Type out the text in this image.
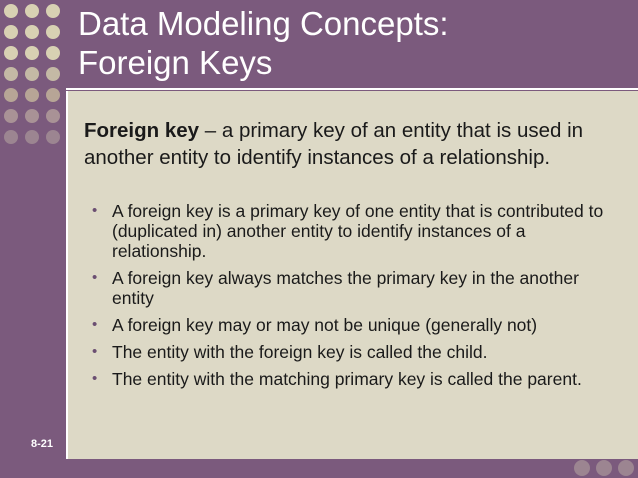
Data Modeling Concepts:
Foreign Keys
Foreign key – a primary key of an entity that is used in another entity to identify instances of a relationship.
• A foreign key is a primary key of one entity that is contributed to (duplicated in) another entity to identify instances of a relationship.
• A foreign key always matches the primary key in the another entity
• A foreign key may or may not be unique (generally not)
• The entity with the foreign key is called the child.
• The entity with the matching primary key is called the parent.
8-21
